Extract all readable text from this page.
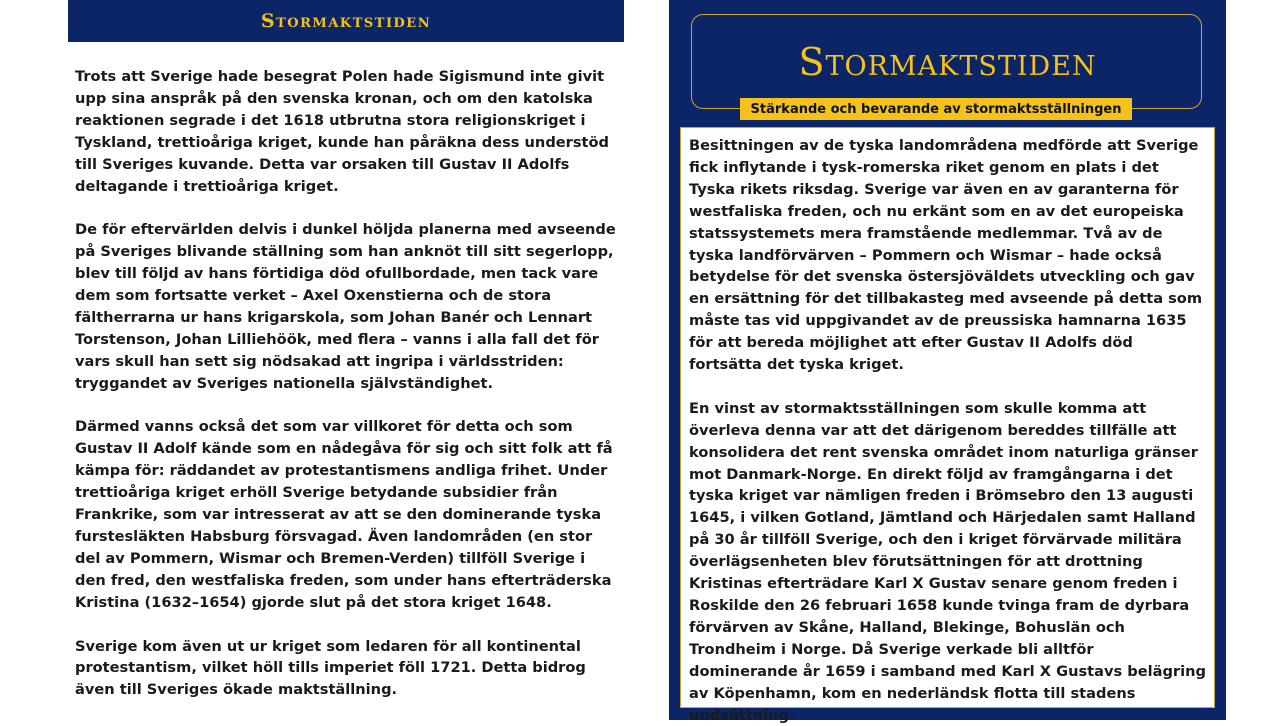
Stormaktstiden

Trots att Sverige hade besegrat Polen hade Sigismund inte givit upp sina anspråk på den svenska kronan, och om den katolska reaktionen segrade i det 1618 utbrutna stora religionskriget i Tyskland, trettioåriga kriget, kunde han påräkna dess understöd till Sveriges kuvande. Detta var orsaken till Gustav II Adolfs deltagande i trettioåriga kriget.

De för eftervärlden delvis i dunkel höljda planerna med avseende på Sveriges blivande ställning som han anknöt till sitt segerlopp, blev till följd av hans förtidiga död ofullbordade, men tack vare dem som fortsatte verket – Axel Oxenstierna och de stora fältherrarna ur hans krigarskola, som Johan Banér och Lennart Torstenson, Johan Lilliehöök, med flera – vanns i alla fall det för vars skull han sett sig nödsakad att ingripa i världsstriden: tryggandet av Sveriges nationella självständighet.

Därmed vanns också det som var villkoret för detta och som Gustav II Adolf kände som en nådegåva för sig och sitt folk att få kämpa för: räddandet av protestantismens andliga frihet. Under trettioåriga kriget erhöll Sverige betydande subsidier från Frankrike, som var intresserat av att se den dominerande tyska furstesläkten Habsburg försvagad. Även landområden (en stor del av Pommern, Wismar och Bremen-Verden) tillföll Sverige i den fred, den westfaliska freden, som under hans efterträderska Kristina (1632–1654) gjorde slut på det stora kriget 1648.

Sverige kom även ut ur kriget som ledaren för all kontinental protestantism, vilket höll tills imperiet föll 1721. Detta bidrog även till Sveriges ökade maktställning.

Stormaktstiden
Stärkande och bevarande av stormaktsställningen

Besittningen av de tyska landområdena medförde att Sverige fick inflytande i tysk-romerska riket genom en plats i det Tyska rikets riksdag. Sverige var även en av garanterna för westfaliska freden, och nu erkänt som en av det europeiska statssystemets mera framstående medlemmar. Två av de tyska landförvärven – Pommern och Wismar – hade också betydelse för det svenska östersjöväldets utveckling och gav en ersättning för det tillbakasteg med avseende på detta som måste tas vid uppgivandet av de preussiska hamnarna 1635 för att bereda möjlighet att efter Gustav II Adolfs död fortsätta det tyska kriget.

En vinst av stormaktsställningen som skulle komma att överleva denna var att det därigenom bereddes tillfälle att konsolidera det rent svenska området inom naturliga gränser mot Danmark-Norge. En direkt följd av framgångarna i det tyska kriget var nämligen freden i Brömsebro den 13 augusti 1645, i vilken Gotland, Jämtland och Härjedalen samt Halland på 30 år tillföll Sverige, och den i kriget förvärvade militära överlägsenheten blev förutsättningen för att drottning Kristinas efterträdare Karl X Gustav senare genom freden i Roskilde den 26 februari 1658 kunde tvinga fram de dyrbara förvärven av Skåne, Halland, Blekinge, Bohuslän och Trondheim i Norge. Då Sverige verkade bli alltför dominerande år 1659 i samband med Karl X Gustavs belägring av Köpenhamn, kom en nederländsk flotta till stadens undsättning.
